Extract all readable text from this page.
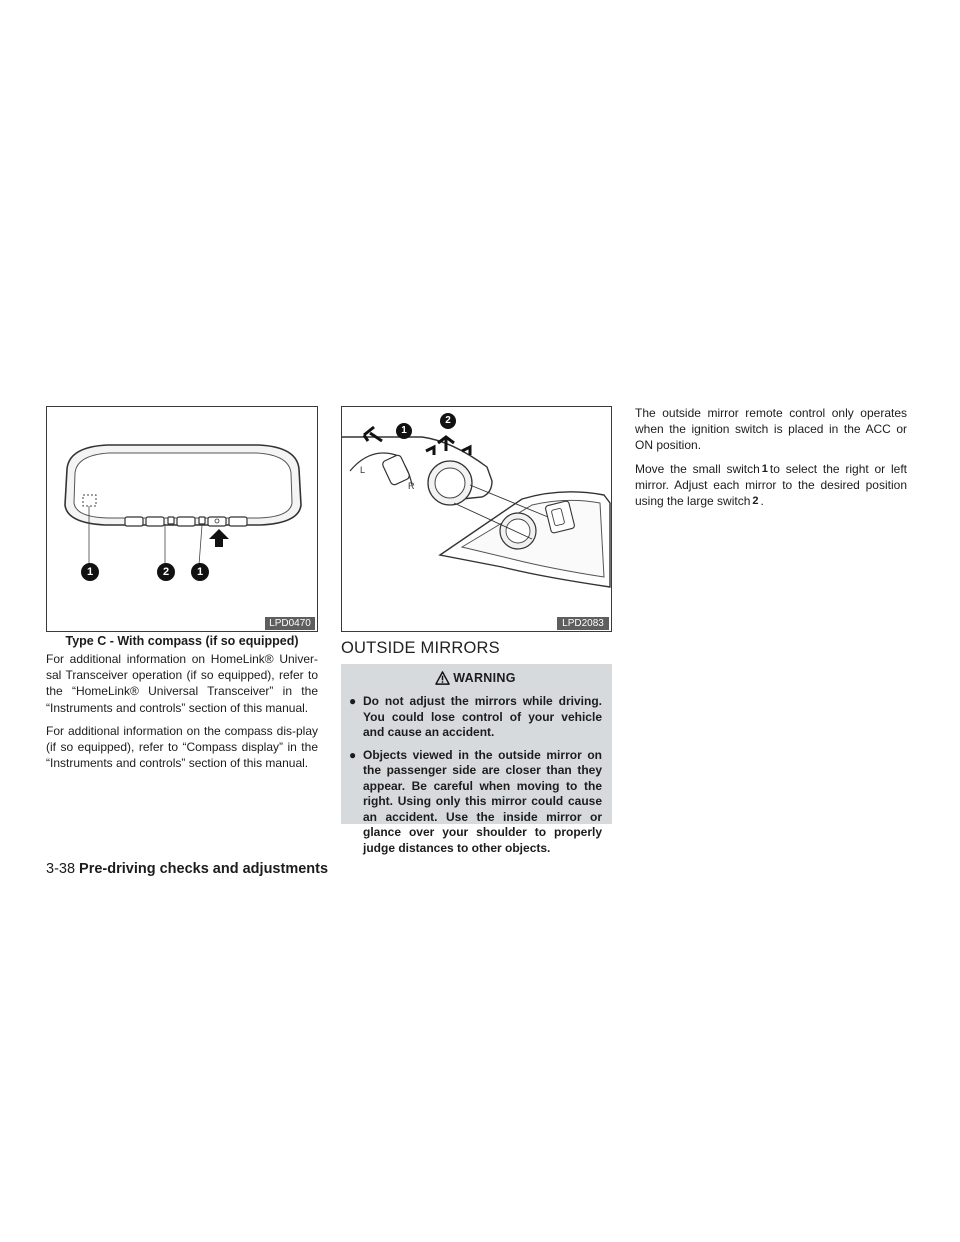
1	2	1
LPD0470
Type C - With compass (if so equipped)
L
R
1
2
LPD2083

For additional information on HomeLink® Univer-sal Transceiver operation (if so equipped), refer to the “HomeLink® Universal Transceiver” in the “Instruments and controls” section of this manual.

For additional information on the compass dis-play (if so equipped), refer to “Compass display” in the “Instruments and controls” section of this manual.

OUTSIDE MIRRORS
WARNING
● Do not adjust the mirrors while driving. You could lose control of your vehicle and cause an accident.
● Objects viewed in the outside mirror on the passenger side are closer than they appear. Be careful when moving to the right. Using only this mirror could cause an accident. Use the inside mirror or glance over your shoulder to properly judge distances to other objects.

The outside mirror remote control only operates when the ignition switch is placed in the ACC or ON position.

Move the small switch 1 to select the right or left mirror. Adjust each mirror to the desired position using the large switch 2 .

3-38 Pre-driving checks and adjustments
